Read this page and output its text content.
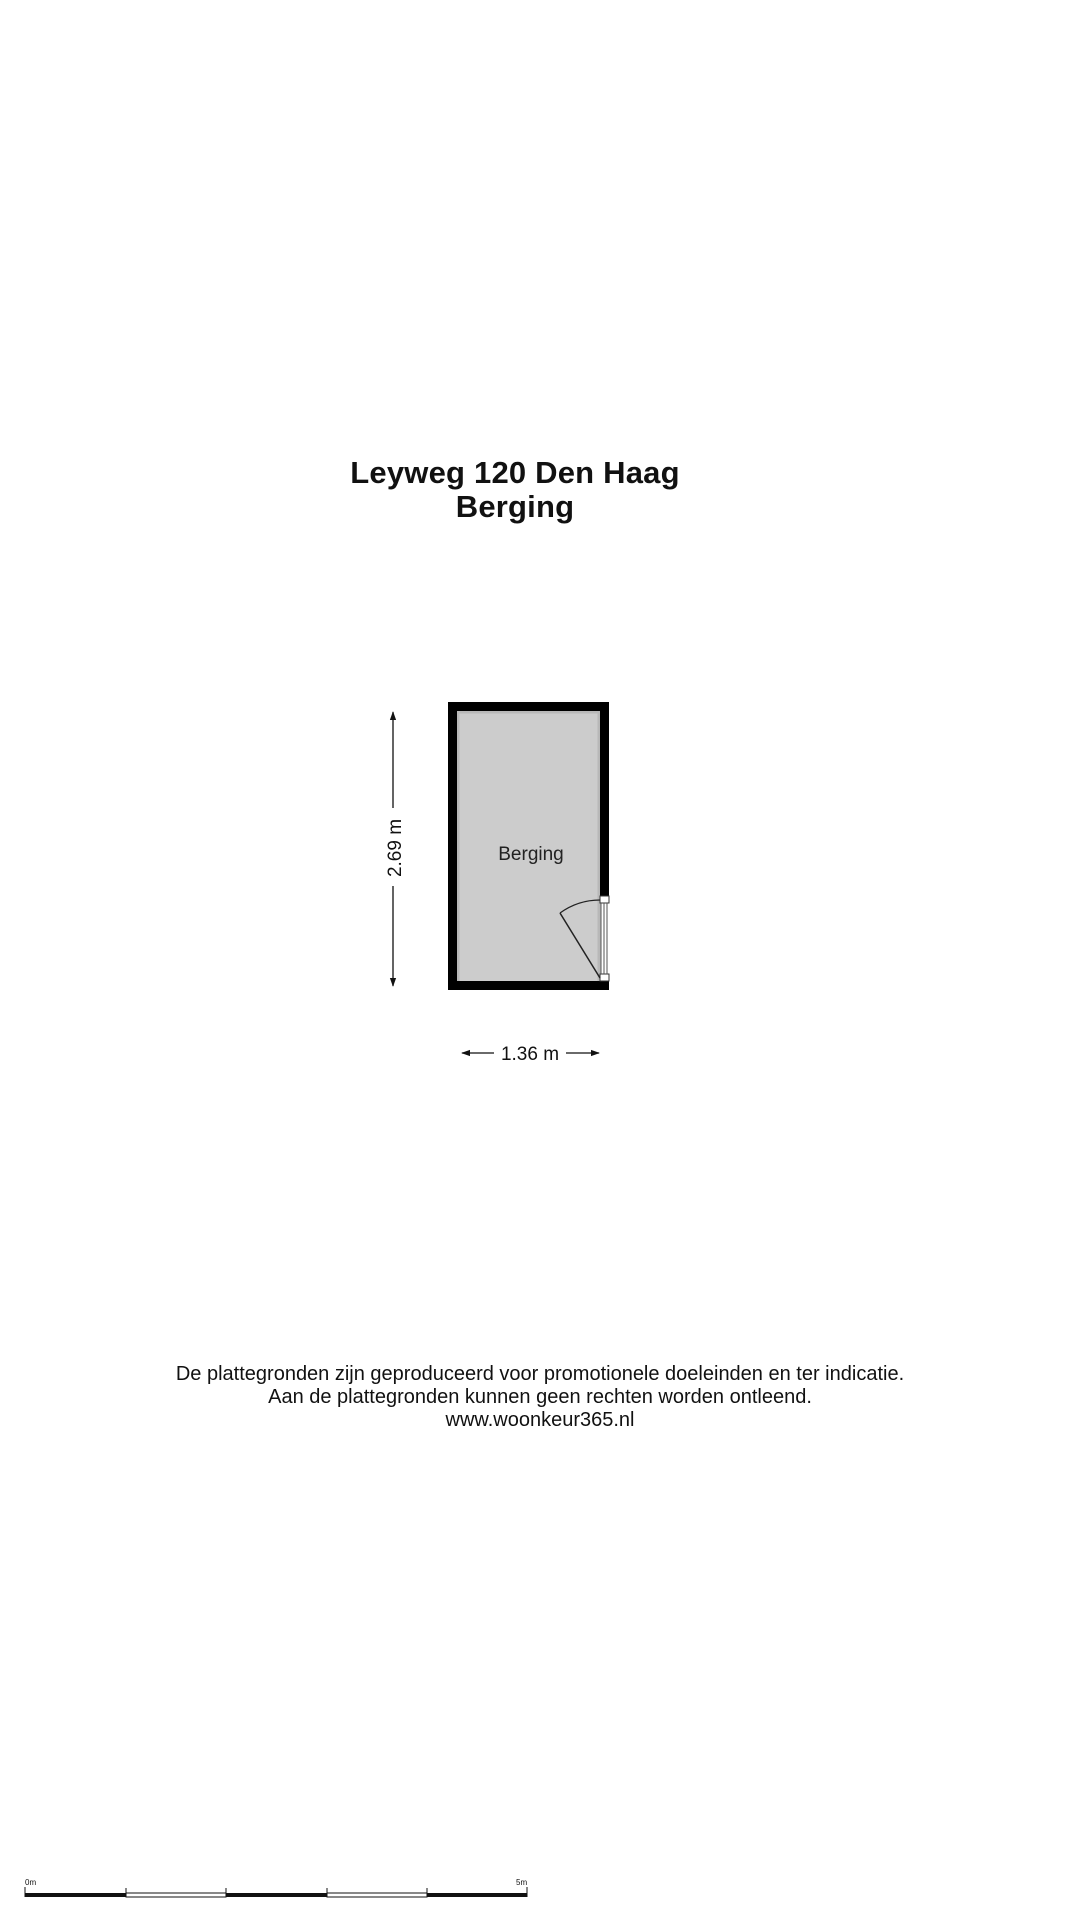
Leyweg 120 Den Haag
Berging
Berging
2.69 m
1.36 m
0m	5m
De plattegronden zijn geproduceerd voor promotionele doeleinden en ter indicatie.
Aan de plattegronden kunnen geen rechten worden ontleend.
www.woonkeur365.nl
